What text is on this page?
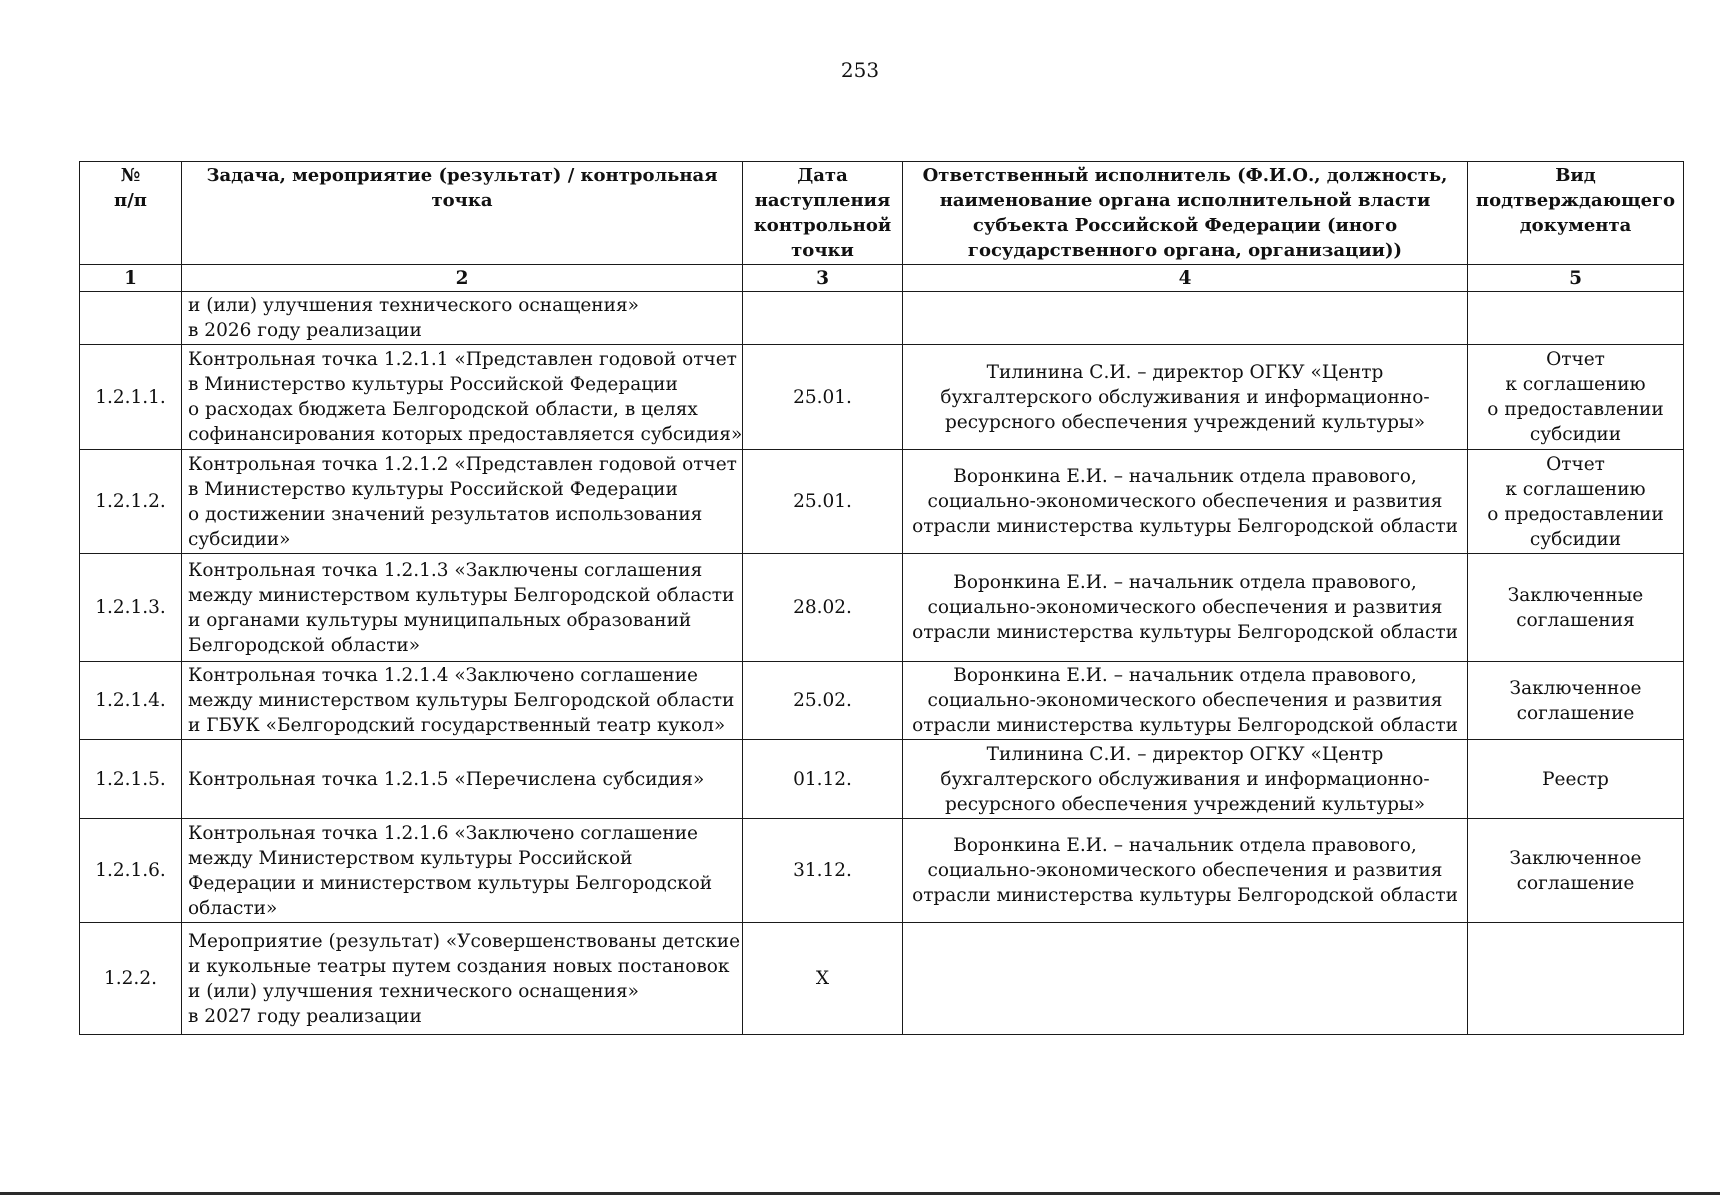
253
№
п/п	Задача, мероприятие (результат) / контрольная
точка	Дата
наступления
контрольной
точки	Ответственный исполнитель (Ф.И.О., должность,
наименование органа исполнительной власти
субъекта Российской Федерации (иного
государственного органа, организации))	Вид
подтверждающего
документа

1	2	3	4	5

	и (или) улучшения технического оснащения»
в 2026 году реализации			

1.2.1.1.	Контрольная точка 1.2.1.1 «Представлен годовой отчет
в Министерство культуры Российской Федерации
о расходах бюджета Белгородской области, в целях
софинансирования которых предоставляется субсидия»	25.01.	Тилинина С.И. – директор ОГКУ «Центр
бухгалтерского обслуживания и информационно-
ресурсного обеспечения учреждений культуры»	Отчет
к соглашению
о предоставлении
субсидии

1.2.1.2.	Контрольная точка 1.2.1.2 «Представлен годовой отчет
в Министерство культуры Российской Федерации
о достижении значений результатов использования
субсидии»	25.01.	Воронкина Е.И. – начальник отдела правового,
социально-экономического обеспечения и развития
отрасли министерства культуры Белгородской области	Отчет
к соглашению
о предоставлении
субсидии

1.2.1.3.	Контрольная точка 1.2.1.3 «Заключены соглашения
между министерством культуры Белгородской области
и органами культуры муниципальных образований
Белгородской области»	28.02.	Воронкина Е.И. – начальник отдела правового,
социально-экономического обеспечения и развития
отрасли министерства культуры Белгородской области	Заключенные
соглашения

1.2.1.4.	Контрольная точка 1.2.1.4 «Заключено соглашение
между министерством культуры Белгородской области
и ГБУК «Белгородский государственный театр кукол»	25.02.	Воронкина Е.И. – начальник отдела правового,
социально-экономического обеспечения и развития
отрасли министерства культуры Белгородской области	Заключенное
соглашение

1.2.1.5.	Контрольная точка 1.2.1.5 «Перечислена субсидия»	01.12.	Тилинина С.И. – директор ОГКУ «Центр
бухгалтерского обслуживания и информационно-
ресурсного обеспечения учреждений культуры»	Реестр

1.2.1.6.	Контрольная точка 1.2.1.6 «Заключено соглашение
между Министерством культуры Российской
Федерации и министерством культуры Белгородской
области»	31.12.	Воронкина Е.И. – начальник отдела правового,
социально-экономического обеспечения и развития
отрасли министерства культуры Белгородской области	Заключенное
соглашение

1.2.2.	Мероприятие (результат) «Усовершенствованы детские
и кукольные театры путем создания новых постановок
и (или) улучшения технического оснащения»
в 2027 году реализации	Х		
